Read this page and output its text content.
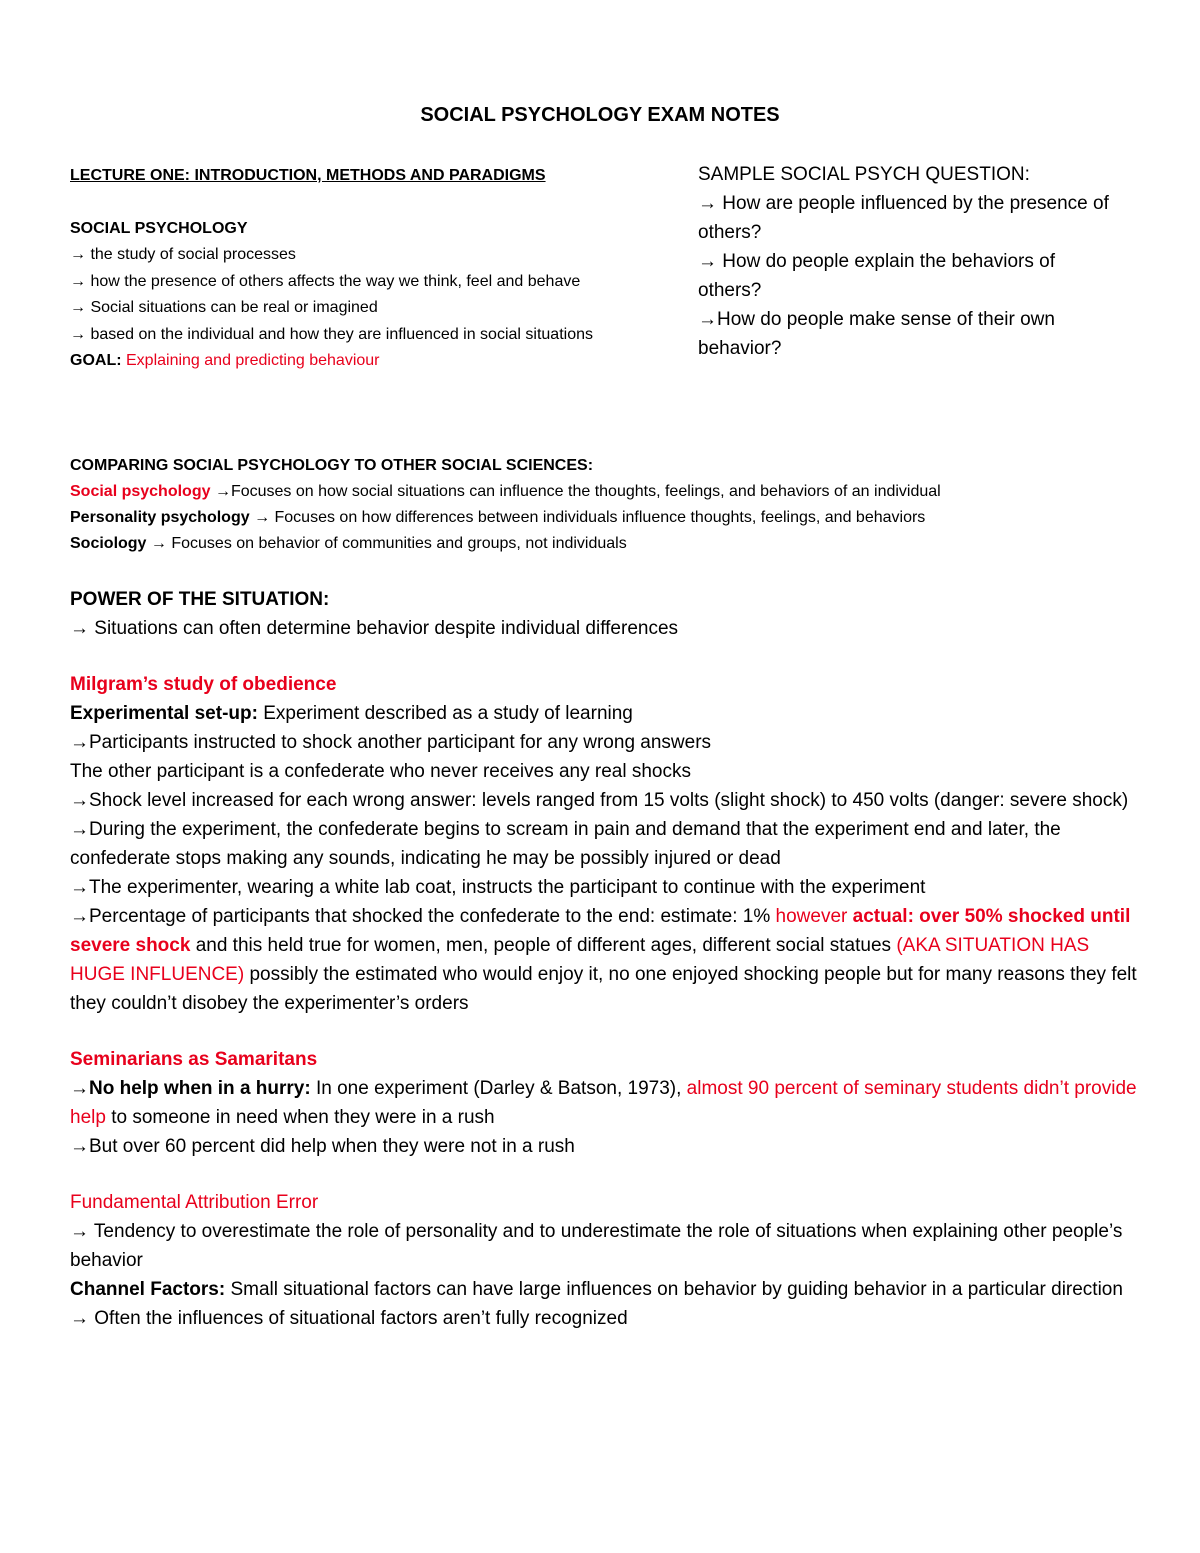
SOCIAL PSYCHOLOGY EXAM NOTES

LECTURE ONE: INTRODUCTION, METHODS AND PARADIGMS

SOCIAL PSYCHOLOGY

→ the study of social processes

→ how the presence of others affects the way we think, feel and behave

→ Social situations can be real or imagined

→ based on the individual and how they are influenced in social situations

GOAL: Explaining and predicting behaviour

SAMPLE SOCIAL PSYCH QUESTION:

→ How are people influenced by the presence of others?

→ How do people explain the behaviors of others?

→How do people make sense of their own behavior?

COMPARING SOCIAL PSYCHOLOGY TO OTHER SOCIAL SCIENCES:

Social psychology →Focuses on how social situations can influence the thoughts, feelings, and behaviors of an individual

Personality psychology → Focuses on how differences between individuals influence thoughts, feelings, and behaviors

Sociology → Focuses on behavior of communities and groups, not individuals

POWER OF THE SITUATION:

→ Situations can often determine behavior despite individual differences

Milgram’s study of obedience

Experimental set-up: Experiment described as a study of learning

→Participants instructed to shock another participant for any wrong answers

The other participant is a confederate who never receives any real shocks

→Shock level increased for each wrong answer: levels ranged from 15 volts (slight shock) to 450 volts (danger: severe shock)

→During the experiment, the confederate begins to scream in pain and demand that the experiment end and later, the confederate stops making any sounds, indicating he may be possibly injured or dead

→The experimenter, wearing a white lab coat, instructs the participant to continue with the experiment

→Percentage of participants that shocked the confederate to the end: estimate: 1% however actual: over 50% shocked until severe shock and this held true for women, men, people of different ages, different social statues (AKA SITUATION HAS HUGE INFLUENCE) possibly the estimated who would enjoy it, no one enjoyed shocking people but for many reasons they felt they couldn’t disobey the experimenter’s orders

Seminarians as Samaritans

→No help when in a hurry: In one experiment (Darley & Batson, 1973), almost 90 percent of seminary students didn’t provide help to someone in need when they were in a rush

→But over 60 percent did help when they were not in a rush

Fundamental Attribution Error

→ Tendency to overestimate the role of personality and to underestimate the role of situations when explaining other people’s behavior

Channel Factors: Small situational factors can have large influences on behavior by guiding behavior in a particular direction

→ Often the influences of situational factors aren’t fully recognized
